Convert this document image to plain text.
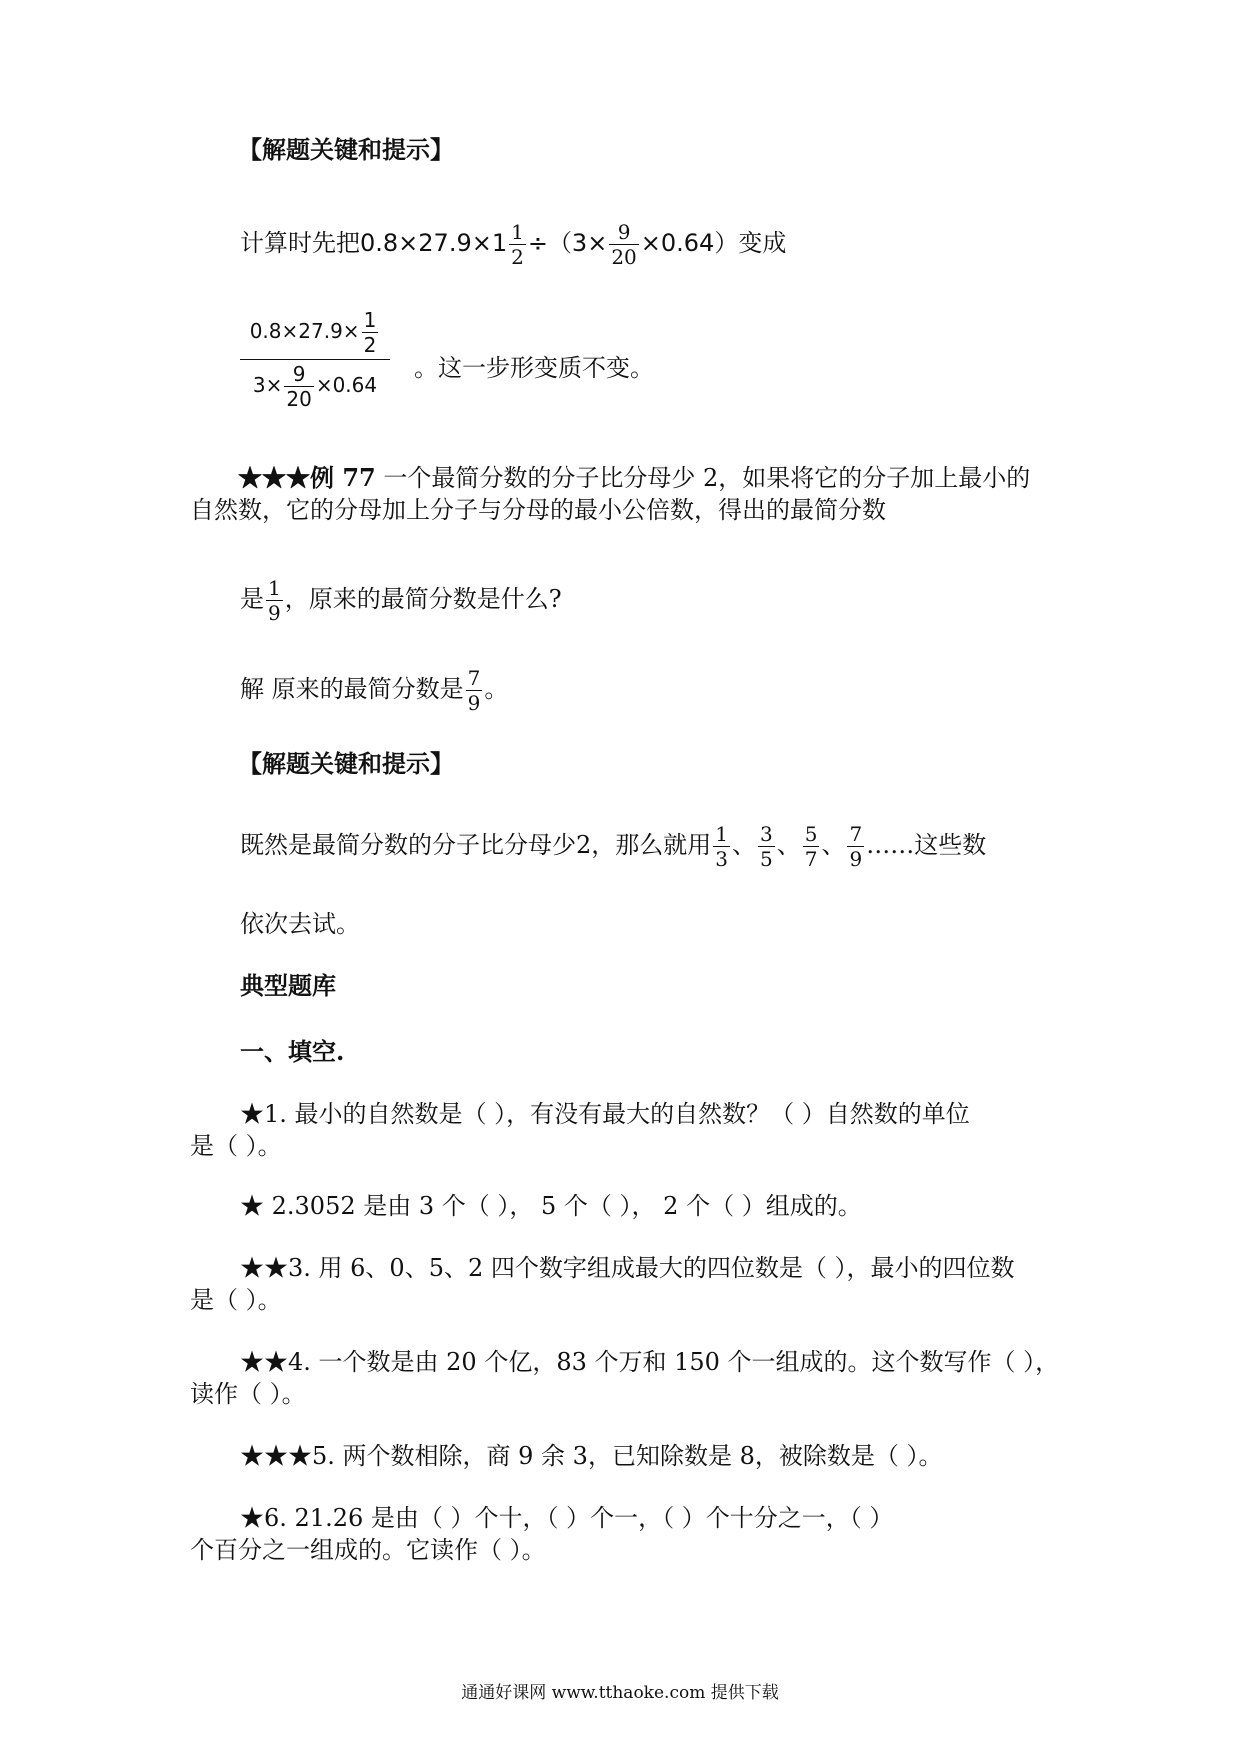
【解题关键和提示】
计算时先把$0.8\times 27.9\times 1 \frac{1}{2} \div(3\times \frac{9}{20} \times 0.64)$变成
$0.8\times 27.9\times \frac{1}{2}$
$3\times \frac{9}{20} \times 0.64$
。这一步形变质不变。
★★★例 77 一个最简分数的分子比分母少 2，如果将它的分子加上最小的
自然数，它的分母加上分子与分母的最小公倍数，得出的最简分数
是 $\frac{1}{9}$ ，原来的最简分数是什么?
解 原来的最简分数是 $\frac{7}{9}$ 。
【解题关键和提示】
既然是最简分数的分子比分母少2，那么就用 $\frac{1}{3}$ 、 $\frac{3}{5}$ 、 $\frac{5}{7}$ 、 $\frac{7}{9}$ ……这些数
依次去试。
典型题库
一、填空.
★1. 最小的自然数是（ ），有没有最大的自然数？（ ）自然数的单位
是（ ）。
★ 2.3052 是由 3 个（ ）， 5 个（ ）， 2 个（ ）组成的。
★★3. 用 6、0、5、2 四个数字组成最大的四位数是（ ），最小的四位数
是（ ）。
★★4. 一个数是由 20 个亿，83 个万和 150 个一组成的。这个数写作（ ），
读作（ ）。
★★★5. 两个数相除，商 9 余 3，已知除数是 8，被除数是（ ）。
★6. 21.26 是由（ ）个十，（ ）个一，（ ）个十分之一，（ ）
个百分之一组成的。它读作（ ）。
通通好课网 www.tthaoke.com 提供下载
